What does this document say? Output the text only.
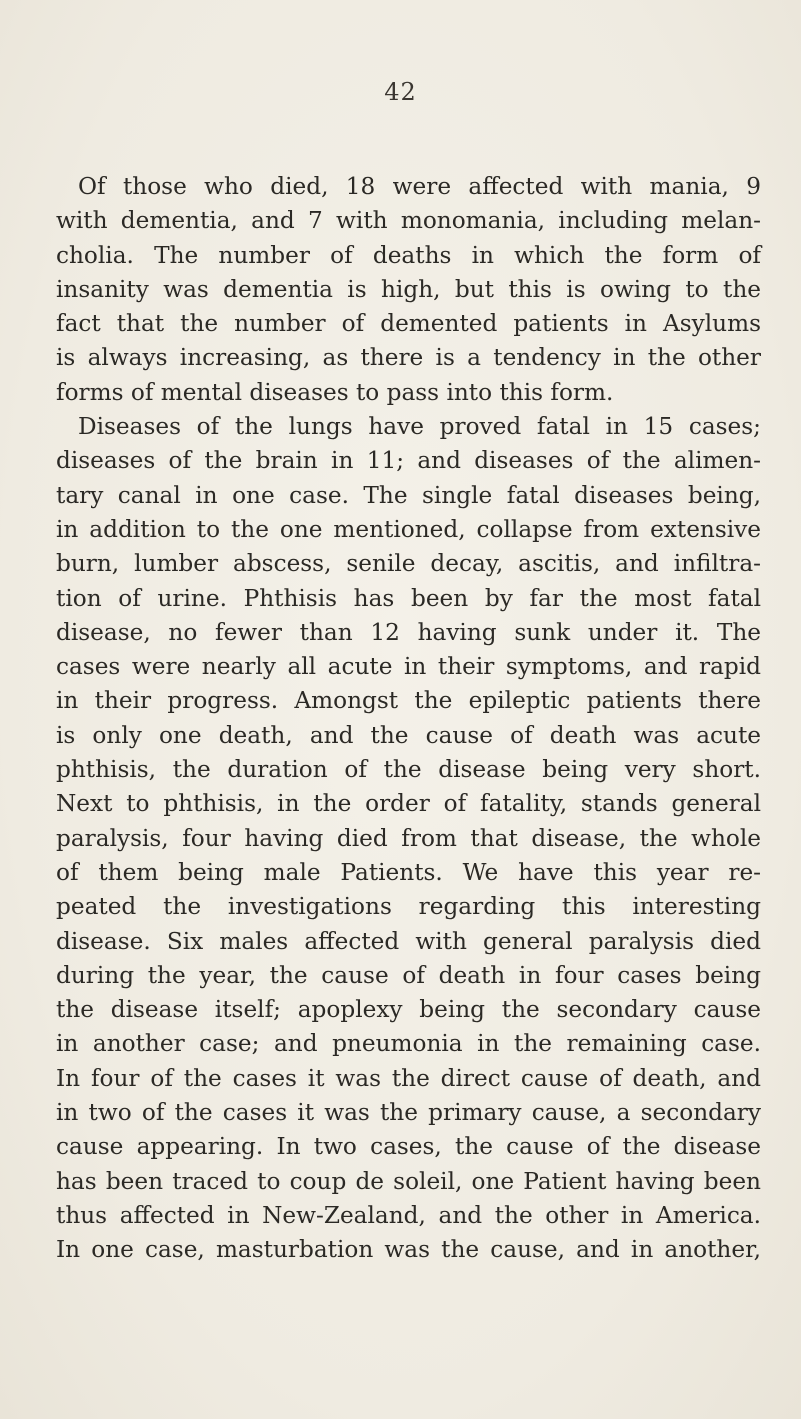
42
Of those who died, 18 were affected with mania, 9
with dementia, and 7 with monomania, including melan-
cholia. The number of deaths in which the form of
insanity was dementia is high, but this is owing to the
fact that the number of demented patients in Asylums
is always increasing, as there is a tendency in the other
forms of mental diseases to pass into this form.
Diseases of the lungs have proved fatal in 15 cases;
diseases of the brain in 11; and diseases of the alimen-
tary canal in one case. The single fatal diseases being,
in addition to the one mentioned, collapse from extensive
burn, lumber abscess, senile decay, ascitis, and infiltra-
tion of urine. Phthisis has been by far the most fatal
disease, no fewer than 12 having sunk under it. The
cases were nearly all acute in their symptoms, and rapid
in their progress. Amongst the epileptic patients there
is only one death, and the cause of death was acute
phthisis, the duration of the disease being very short.
Next to phthisis, in the order of fatality, stands general
paralysis, four having died from that disease, the whole
of them being male Patients. We have this year re-
peated the investigations regarding this interesting
disease. Six males affected with general paralysis died
during the year, the cause of death in four cases being
the disease itself; apoplexy being the secondary cause
in another case; and pneumonia in the remaining case.
In four of the cases it was the direct cause of death, and
in two of the cases it was the primary cause, a secondary
cause appearing. In two cases, the cause of the disease
has been traced to coup de soleil, one Patient having been
thus affected in New-Zealand, and the other in America.
In one case, masturbation was the cause, and in another,
